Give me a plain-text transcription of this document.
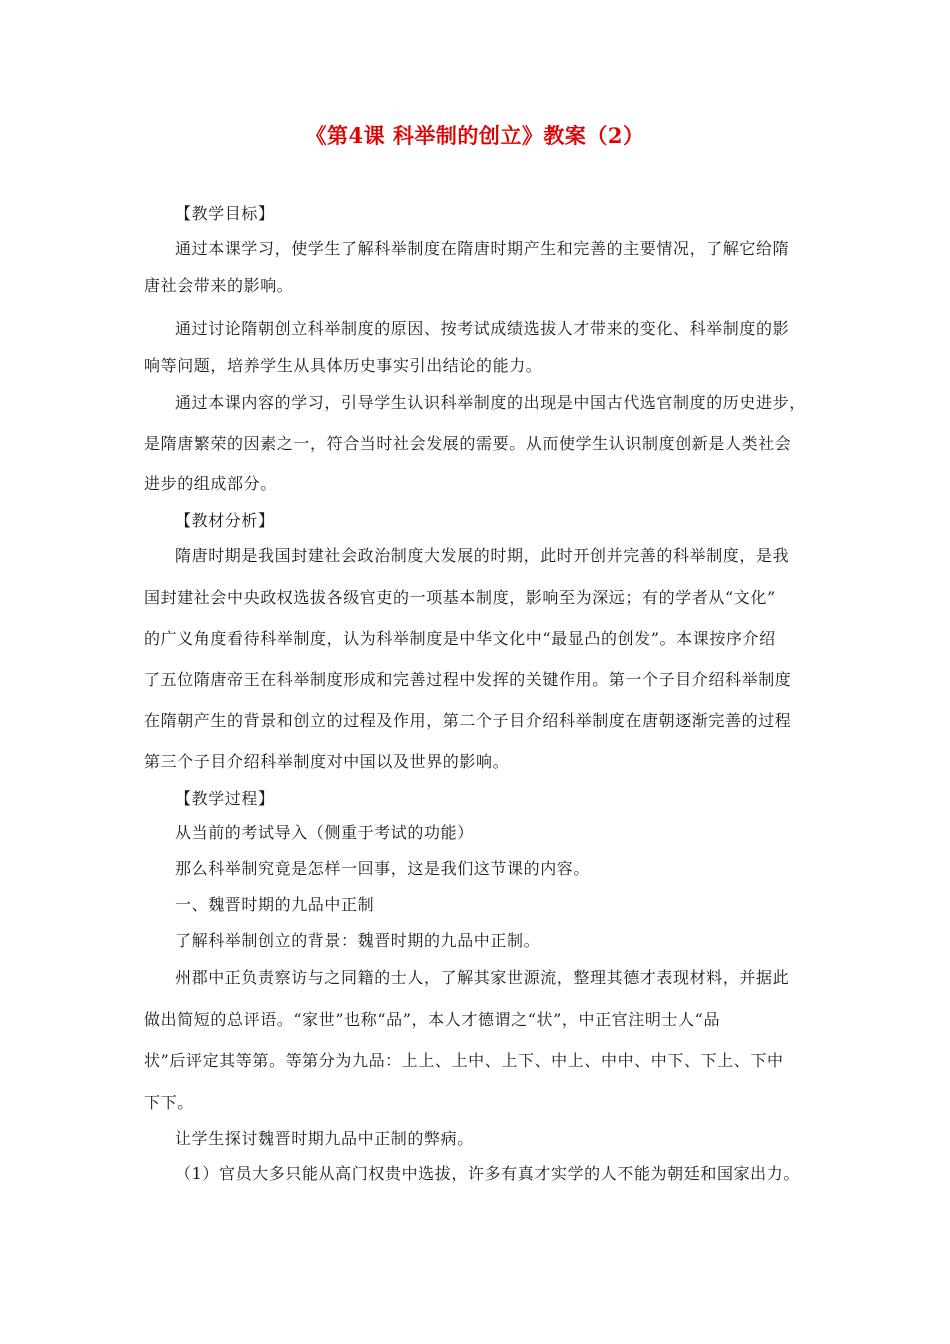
《第4课 科举制的创立》教案（2）

【教学目标】

通过本课学习，使学生了解科举制度在隋唐时期产生和完善的主要情况，了解它给隋

唐社会带来的影响。

通过讨论隋朝创立科举制度的原因、按考试成绩选拔人才带来的变化、科举制度的影

响等问题，培养学生从具体历史事实引出结论的能力。

通过本课内容的学习，引导学生认识科举制度的出现是中国古代选官制度的历史进步，

是隋唐繁荣的因素之一，符合当时社会发展的需要。从而使学生认识制度创新是人类社会

进步的组成部分。

【教材分析】

隋唐时期是我国封建社会政治制度大发展的时期，此时开创并完善的科举制度，是我

国封建社会中央政权选拔各级官吏的一项基本制度，影响至为深远；有的学者从“文化”

的广义角度看待科举制度，认为科举制度是中华文化中“最显凸的创发”。本课按序介绍

了五位隋唐帝王在科举制度形成和完善过程中发挥的关键作用。第一个子目介绍科举制度

在隋朝产生的背景和创立的过程及作用，第二个子目介绍科举制度在唐朝逐渐完善的过程

第三个子目介绍科举制度对中国以及世界的影响。

【教学过程】

从当前的考试导入（侧重于考试的功能）

那么科举制究竟是怎样一回事，这是我们这节课的内容。

一、魏晋时期的九品中正制

了解科举制创立的背景：魏晋时期的九品中正制。

州郡中正负责察访与之同籍的士人，了解其家世源流，整理其德才表现材料，并据此

做出简短的总评语。“家世”也称“品”，本人才德谓之“状”，中正官注明士人“品

状”后评定其等第。等第分为九品：上上、上中、上下、中上、中中、中下、下上、下中

下下。

让学生探讨魏晋时期九品中正制的弊病。

（1）官员大多只能从高门权贵中选拔，许多有真才实学的人不能为朝廷和国家出力。
